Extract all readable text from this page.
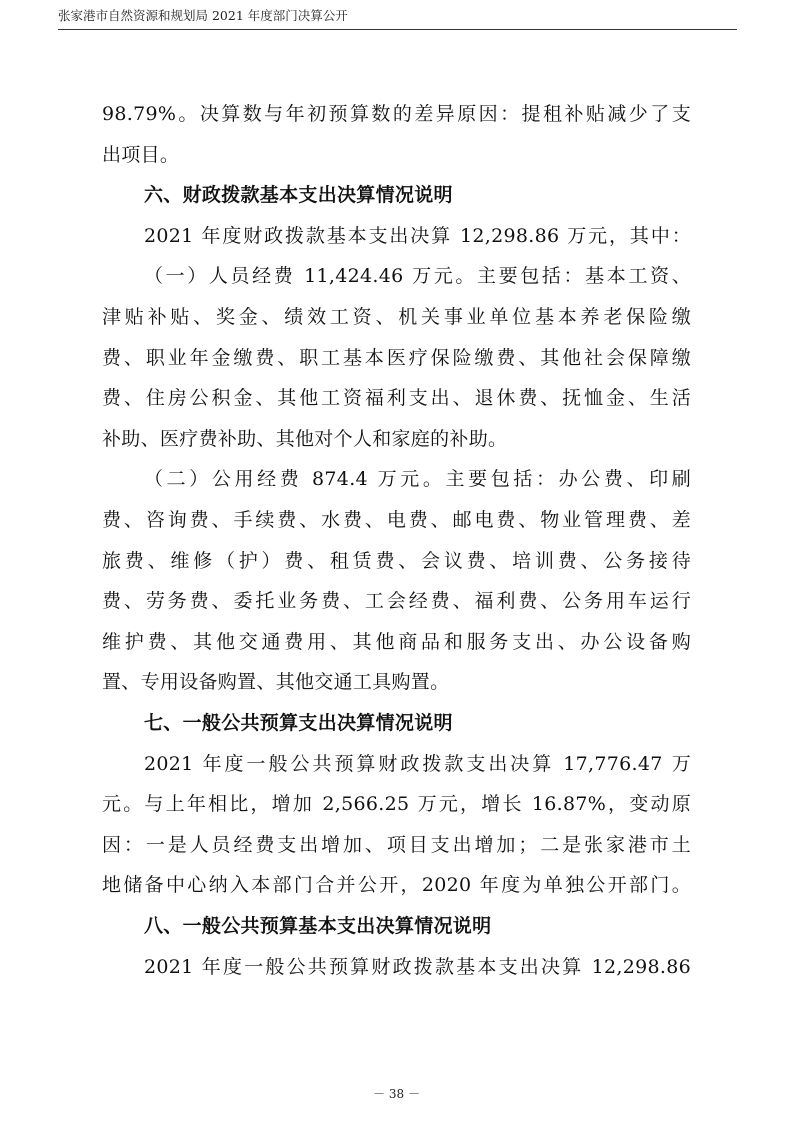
张家港市自然资源和规划局 2021 年度部门决算公开
98.79%。决算数与年初预算数的差异原因：提租补贴减少了支
出项目。
六、财政拨款基本支出决算情况说明
2021 年度财政拨款基本支出决算 12,298.86 万元，其中：
（一）人员经费 11,424.46 万元。主要包括：基本工资、
津贴补贴、奖金、绩效工资、机关事业单位基本养老保险缴
费、职业年金缴费、职工基本医疗保险缴费、其他社会保障缴
费、住房公积金、其他工资福利支出、退休费、抚恤金、生活
补助、医疗费补助、其他对个人和家庭的补助。
（二）公用经费 874.4 万元。主要包括：办公费、印刷
费、咨询费、手续费、水费、电费、邮电费、物业管理费、差
旅费、维修（护）费、租赁费、会议费、培训费、公务接待
费、劳务费、委托业务费、工会经费、福利费、公务用车运行
维护费、其他交通费用、其他商品和服务支出、办公设备购
置、专用设备购置、其他交通工具购置。
七、一般公共预算支出决算情况说明
2021 年度一般公共预算财政拨款支出决算 17,776.47 万
元。与上年相比，增加 2,566.25 万元，增长 16.87%，变动原
因：一是人员经费支出增加、项目支出增加；二是张家港市土
地储备中心纳入本部门合并公开，2020 年度为单独公开部门。
八、一般公共预算基本支出决算情况说明
2021 年度一般公共预算财政拨款基本支出决算 12,298.86
－ 38 －
